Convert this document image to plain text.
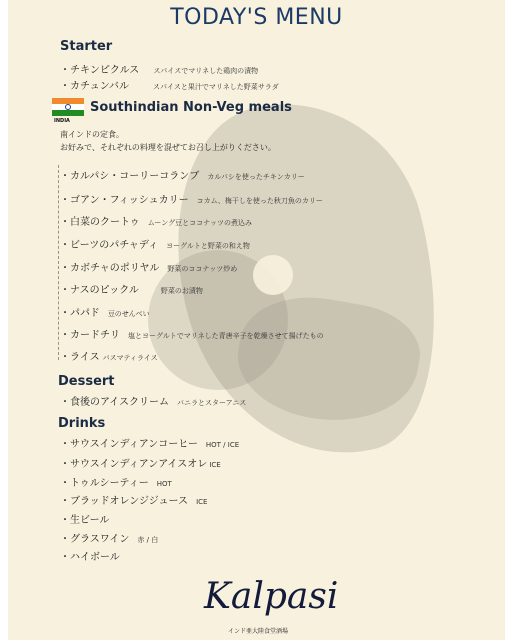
TODAY'S MENU
Starter
・チキンピクルス スパイスでマリネした鶏肉の漬物
・カチュンバル	スパイスと果汁でマリネした野菜サラダ
INDIA
Southindian Non-Veg meals
南インドの定食。
お好みで、それぞれの料理を混ぜてお召し上がりください。
・カルパシ・コーリーコランブ カルパシを使ったチキンカリー
・ゴアン・フィッシュカリー コカム、梅干しを使った秋刀魚のカリー
・白菜のクートゥ ムーング豆とココナッツの煮込み
・ビーツのパチャディ ヨーグルトと野菜の和え物
・カボチャのポリヤル 野菜のココナッツ炒め
・ナスのピックル	野菜のお漬物
・パパド 豆のせんべい
・カードチリ 塩とヨーグルトでマリネした青唐辛子を乾燥させて揚げたもの
・ライス バスマティライス
Dessert
・食後のアイスクリーム バニラとスターアニス
Drinks
・サウスインディアンコーヒー HOT / ICE
・サウスインディアンアイスオレ ICE
・トゥルシーティー HOT
・ブラッドオレンジジュース ICE
・生ビール
・グラスワイン 赤 / 白
・ハイボール
Kalpasi
インド亜大陸食堂酒場
